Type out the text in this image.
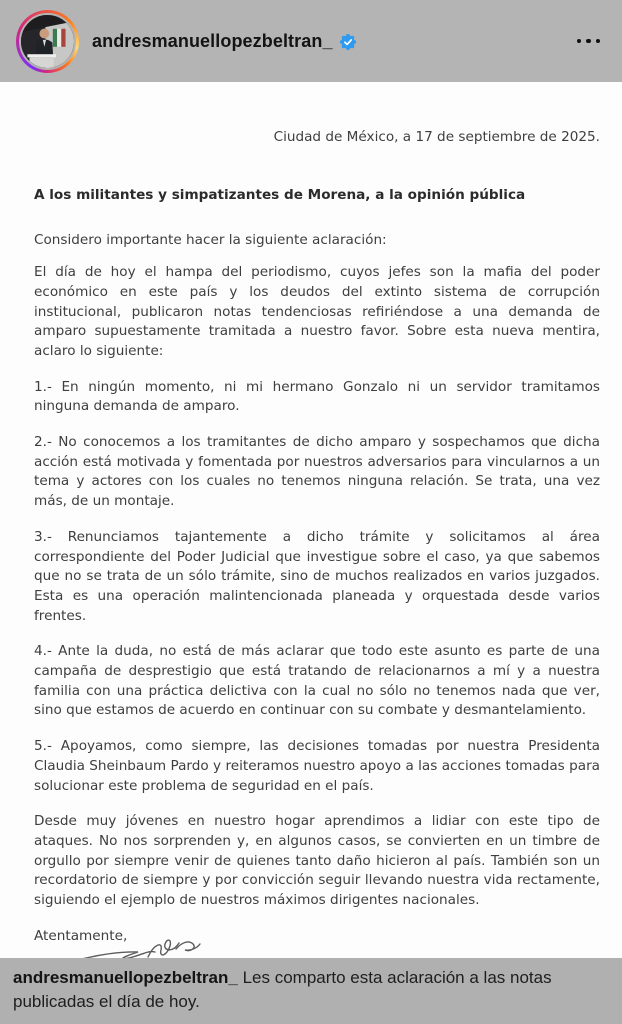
andresmanuellopezbeltran_
Ciudad de México, a 17 de septiembre de 2025.
A los militantes y simpatizantes de Morena, a la opinión pública
Considero importante hacer la siguiente aclaración:

El día de hoy el hampa del periodismo, cuyos jefes son la mafia del poder económico en este país y los deudos del extinto sistema de corrupción institucional, publicaron notas tendenciosas refiriéndose a una demanda de amparo supuestamente tramitada a nuestro favor. Sobre esta nueva mentira, aclaro lo siguiente:

1.- En ningún momento, ni mi hermano Gonzalo ni un servidor tramitamos ninguna demanda de amparo.

2.- No conocemos a los tramitantes de dicho amparo y sospechamos que dicha acción está motivada y fomentada por nuestros adversarios para vincularnos a un tema y actores con los cuales no tenemos ninguna relación. Se trata, una vez más, de un montaje.

3.- Renunciamos tajantemente a dicho trámite y solicitamos al área correspondiente del Poder Judicial que investigue sobre el caso, ya que sabemos que no se trata de un sólo trámite, sino de muchos realizados en varios juzgados. Esta es una operación malintencionada planeada y orquestada desde varios frentes.

4.- Ante la duda, no está de más aclarar que todo este asunto es parte de una campaña de desprestigio que está tratando de relacionarnos a mí y a nuestra familia con una práctica delictiva con la cual no sólo no tenemos nada que ver, sino que estamos de acuerdo en continuar con su combate y desmantelamiento.

5.- Apoyamos, como siempre, las decisiones tomadas por nuestra Presidenta Claudia Sheinbaum Pardo y reiteramos nuestro apoyo a las acciones tomadas para solucionar este problema de seguridad en el país.

Desde muy jóvenes en nuestro hogar aprendimos a lidiar con este tipo de ataques. No nos sorprenden y, en algunos casos, se convierten en un timbre de orgullo por siempre venir de quienes tanto daño hicieron al país. También son un recordatorio de siempre y por convicción seguir llevando nuestra vida rectamente, siguiendo el ejemplo de nuestros máximos dirigentes nacionales.

Atentamente,
andresmanuellopezbeltran_ Les comparto esta aclaración a las notas publicadas el día de hoy.
